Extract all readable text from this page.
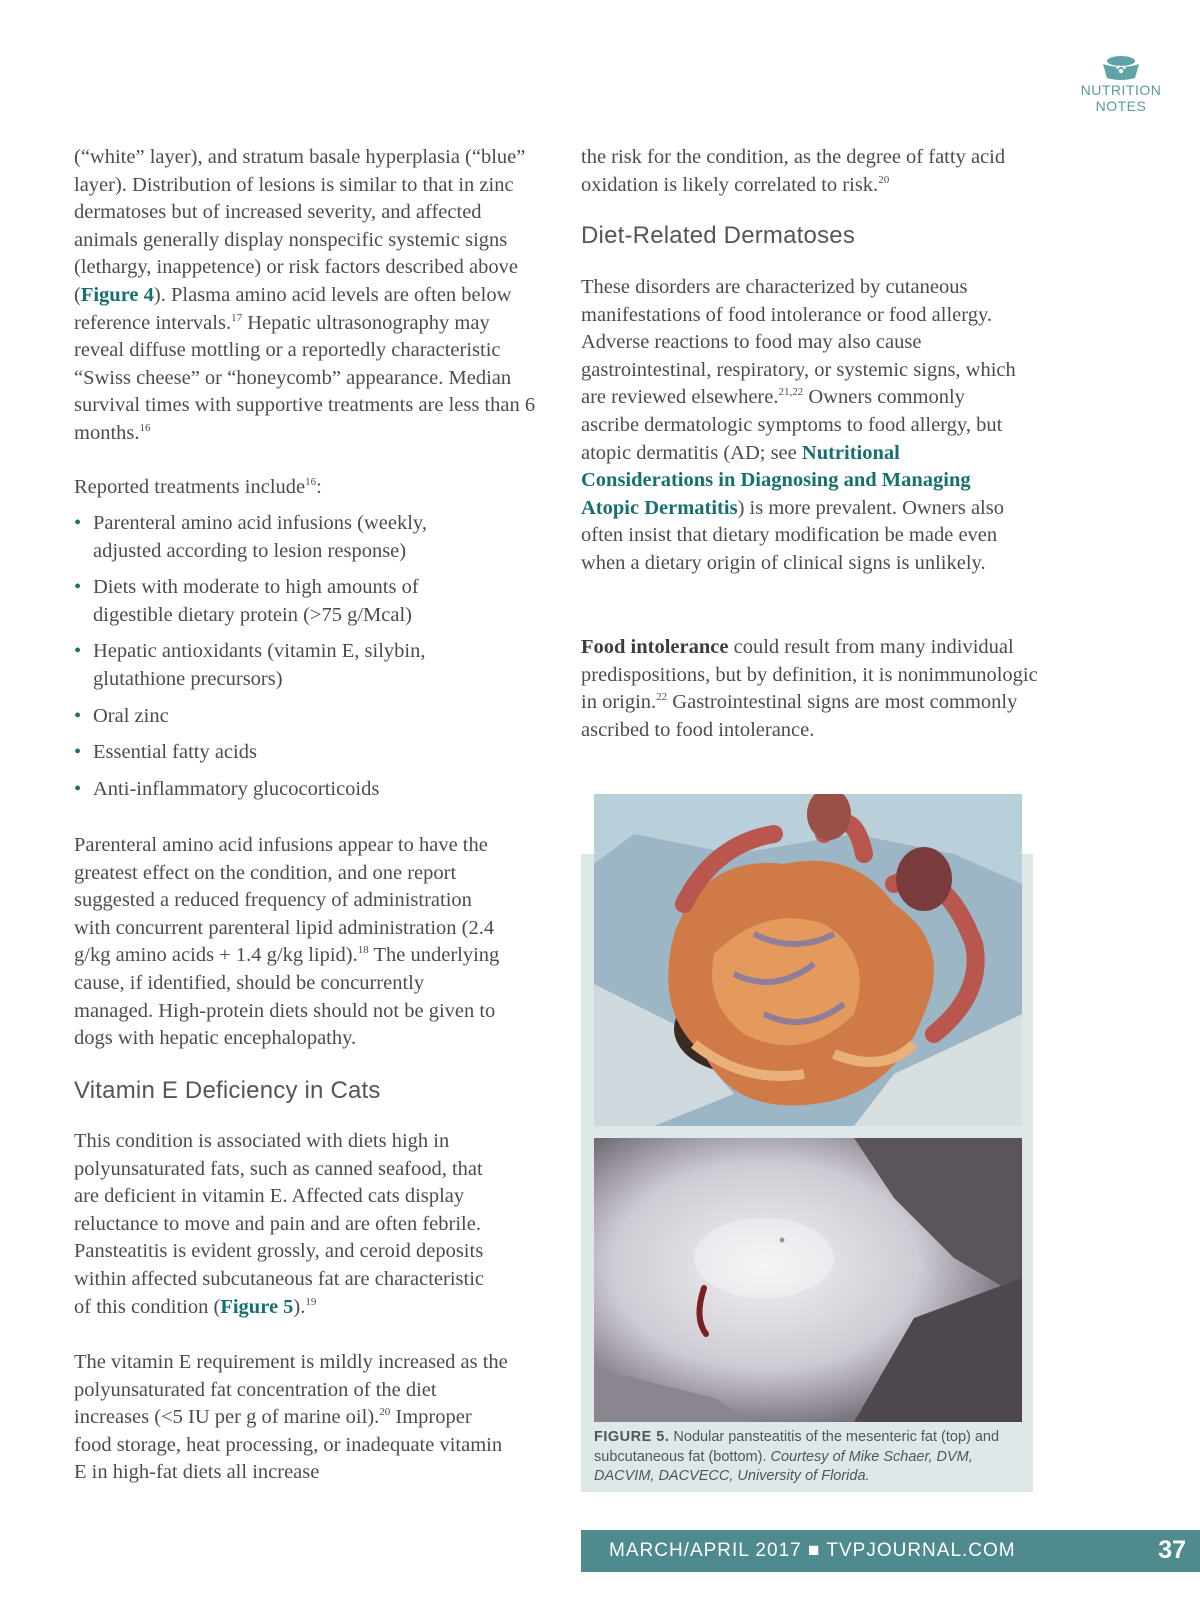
NUTRITION
NOTES

(“white” layer), and stratum basale hyperplasia (“blue” layer). Distribution of lesions is similar to that in zinc dermatoses but of increased severity, and affected animals generally display nonspecific systemic signs (lethargy, inappetence) or risk factors described above (Figure 4). Plasma amino acid levels are often below reference intervals.$^{17}$ Hepatic ultrasonography may reveal diffuse mottling or a reportedly characteristic “Swiss cheese” or “honeycomb” appearance. Median survival times with supportive treatments are less than 6 months.$^{16}$

Reported treatments include$^{16}$:

• Parenteral amino acid infusions (weekly, adjusted according to lesion response)
• Diets with moderate to high amounts of digestible dietary protein (>75 g/Mcal)
• Hepatic antioxidants (vitamin E, silybin, glutathione precursors)
• Oral zinc
• Essential fatty acids
• Anti-inflammatory glucocorticoids

Parenteral amino acid infusions appear to have the greatest effect on the condition, and one report suggested a reduced frequency of administration with concurrent parenteral lipid administration (2.4 g/kg amino acids + 1.4 g/kg lipid).$^{18}$ The underlying cause, if identified, should be concurrently managed. High-protein diets should not be given to dogs with hepatic encephalopathy.

Vitamin E Deficiency in Cats

This condition is associated with diets high in polyunsaturated fats, such as canned seafood, that are deficient in vitamin E. Affected cats display reluctance to move and pain and are often febrile. Pansteatitis is evident grossly, and ceroid deposits within affected subcutaneous fat are characteristic of this condition (Figure 5).$^{19}$

The vitamin E requirement is mildly increased as the polyunsaturated fat concentration of the diet increases (<5 IU per g of marine oil).$^{20}$ Improper food storage, heat processing, or inadequate vitamin E in high-fat diets all increase

the risk for the condition, as the degree of fatty acid oxidation is likely correlated to risk.$^{20}$

Diet-Related Dermatoses

These disorders are characterized by cutaneous manifestations of food intolerance or food allergy. Adverse reactions to food may also cause gastrointestinal, respiratory, or systemic signs, which are reviewed elsewhere.$^{21,22}$ Owners commonly ascribe dermatologic symptoms to food allergy, but atopic dermatitis (AD; see Nutritional Considerations in Diagnosing and Managing Atopic Dermatitis) is more prevalent. Owners also often insist that dietary modification be made even when a dietary origin of clinical signs is unlikely.

Food intolerance could result from many individual predispositions, but by definition, it is nonimmunologic in origin.$^{22}$ Gastrointestinal signs are most commonly ascribed to food intolerance.

FIGURE 5. Nodular pansteatitis of the mesenteric fat (top) and subcutaneous fat (bottom). Courtesy of Mike Schaer, DVM, DACVIM, DACVECC, University of Florida.
MARCH/APRIL 2017 ■ TVPJOURNAL.COM	37
